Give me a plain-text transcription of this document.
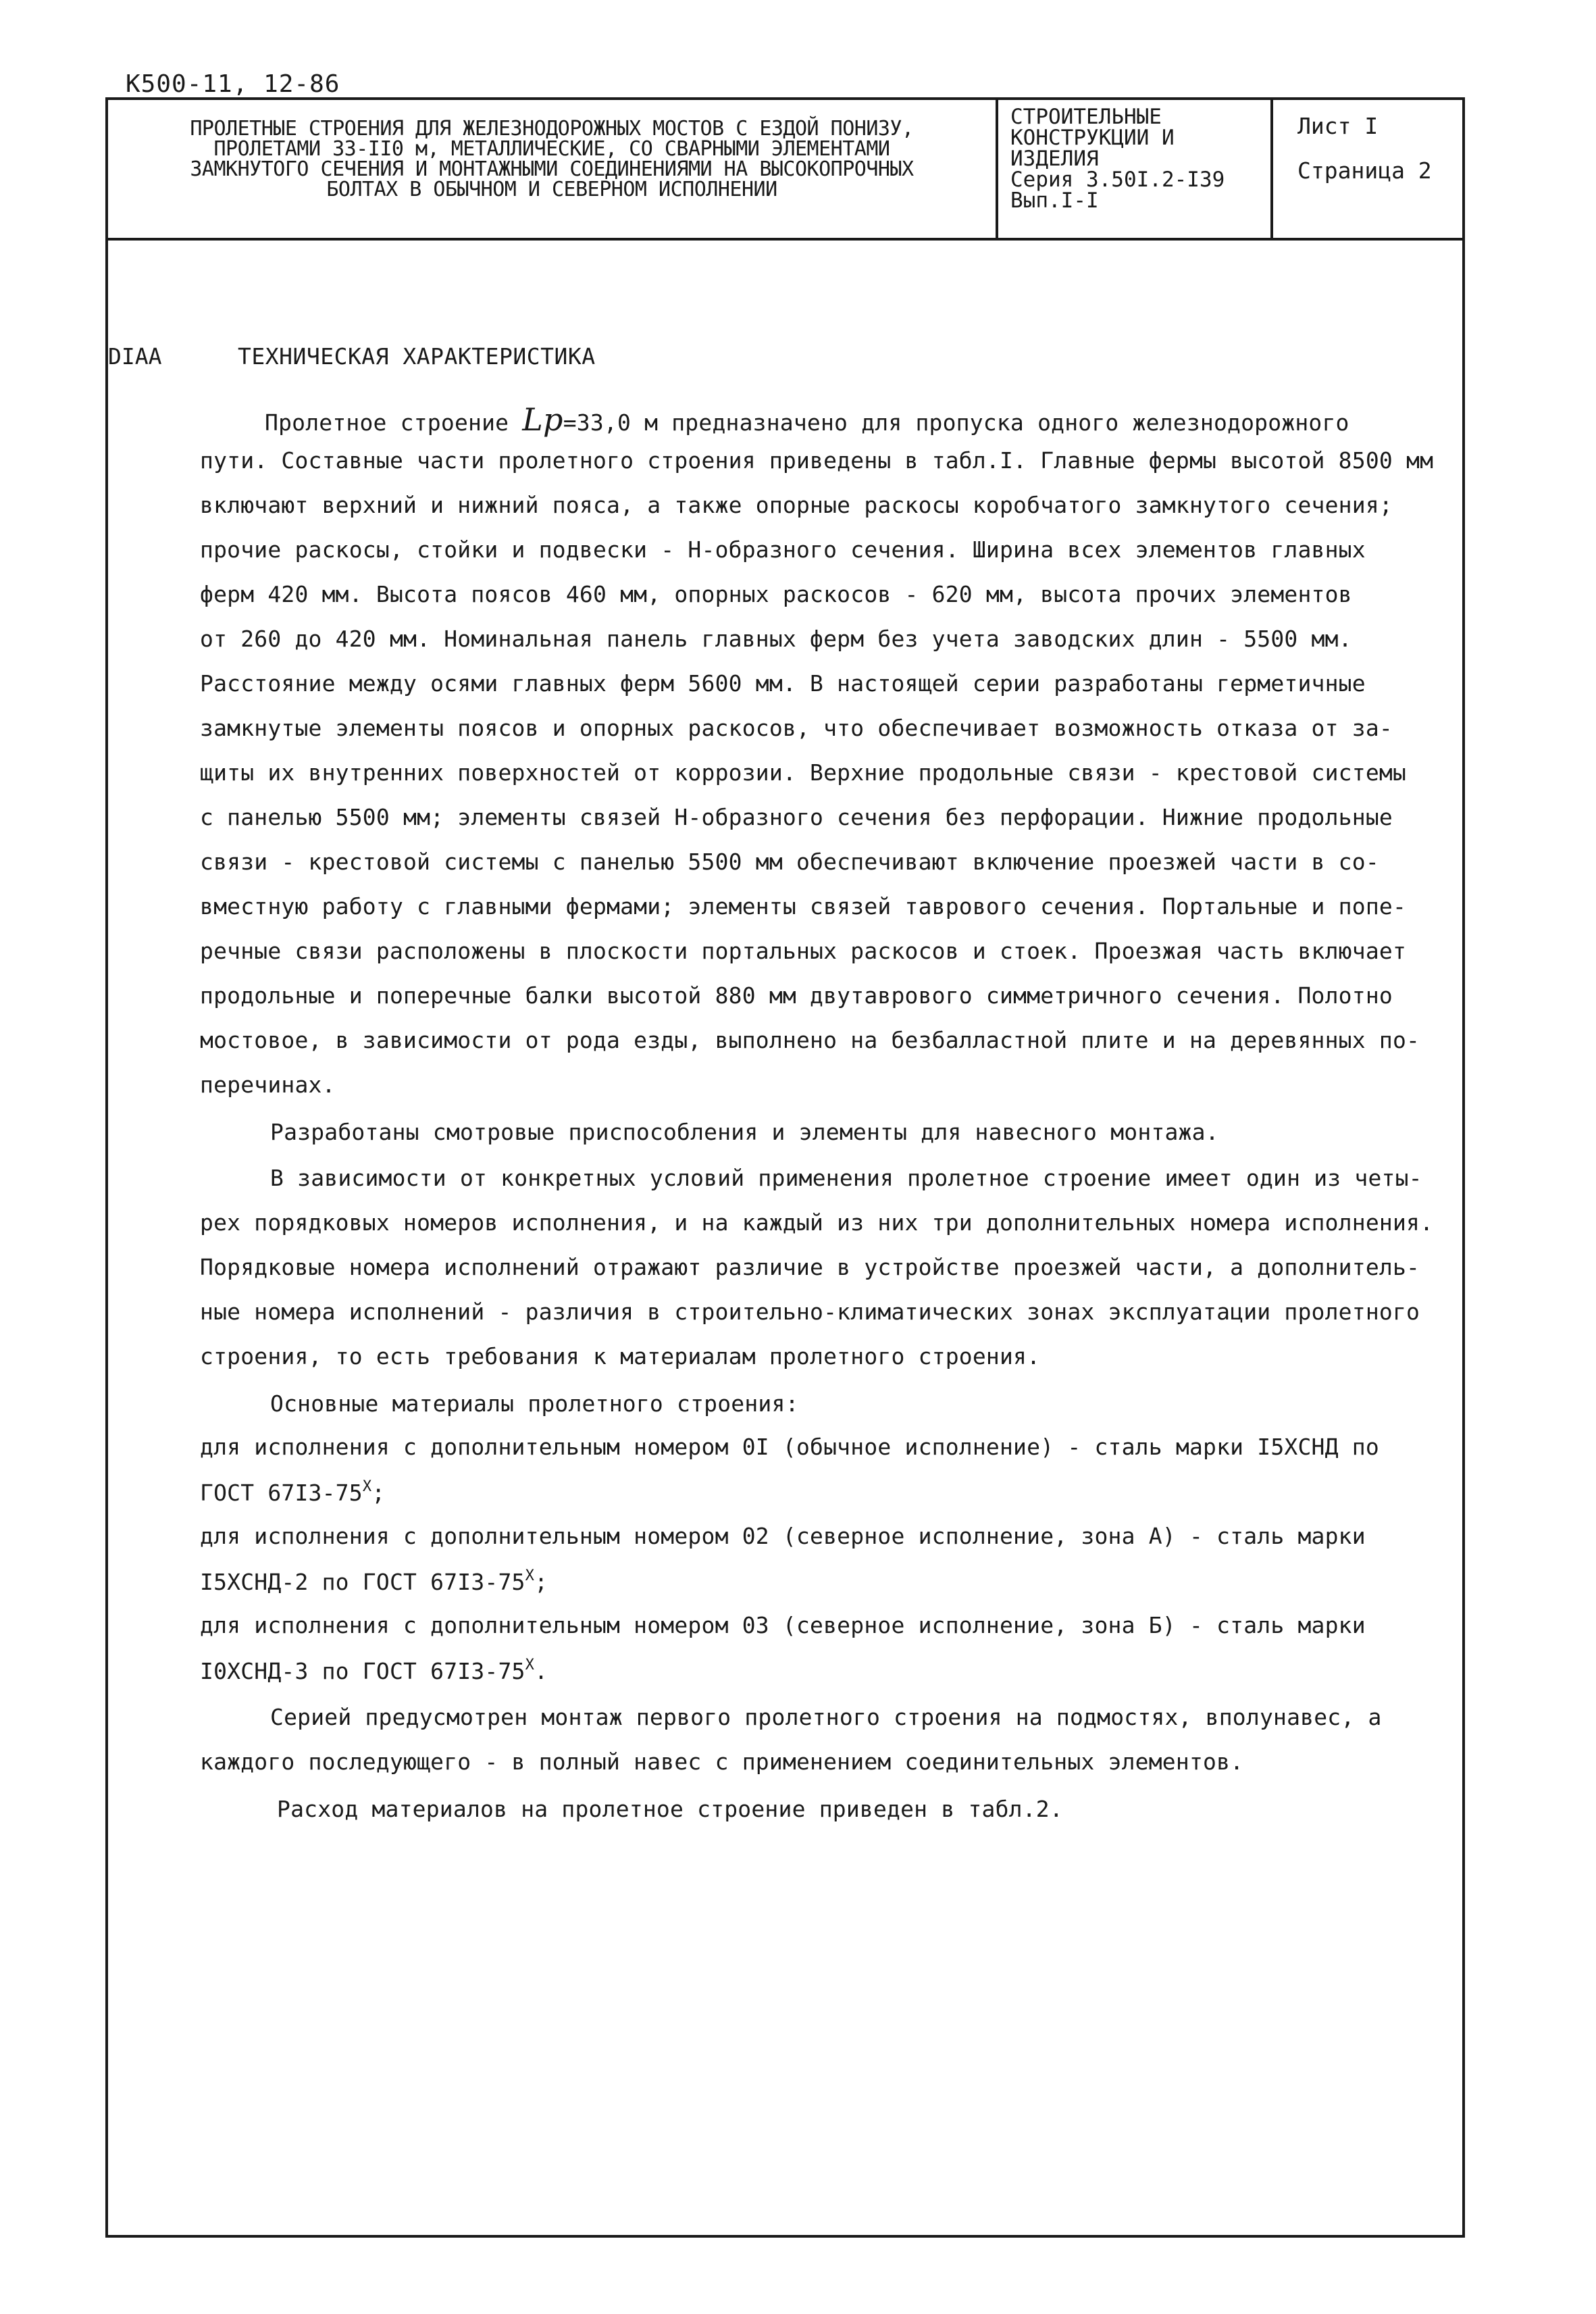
К500-11, 12-86
ПРОЛЕТНЫЕ СТРОЕНИЯ ДЛЯ ЖЕЛЕЗНОДОРОЖНЫХ МОСТОВ С ЕЗДОЙ ПОНИЗУ,
ПРОЛЕТАМИ 33-II0 м, МЕТАЛЛИЧЕСКИЕ, СО СВАРНЫМИ ЭЛЕМЕНТАМИ
ЗАМКНУТОГО СЕЧЕНИЯ И МОНТАЖНЫМИ СОЕДИНЕНИЯМИ НА ВЫСОКОПРОЧНЫХ
БОЛТАХ В ОБЫЧНОМ И СЕВЕРНОМ ИСПОЛНЕНИИ
СТРОИТЕЛЬНЫЕ
КОНСТРУКЦИИ И
ИЗДЕЛИЯ
Серия 3.50I.2-I39
Вып.I-I
Лист I
Страница 2
DIAA	ТЕХНИЧЕСКАЯ ХАРАКТЕРИСТИКА
Пролетное строение Lр=33,0 м предназначено для пропуска одного железнодорожного
пути. Составные части пролетного строения приведены в табл.I. Главные фермы высотой 8500 мм
включают верхний и нижний пояса, а также опорные раскосы коробчатого замкнутого сечения;
прочие раскосы, стойки и подвески - Н-образного сечения. Ширина всех элементов главных
ферм 420 мм. Высота поясов 460 мм, опорных раскосов - 620 мм, высота прочих элементов
от 260 до 420 мм. Номинальная панель главных ферм без учета заводских длин - 5500 мм.
Расстояние между осями главных ферм 5600 мм. В настоящей серии разработаны герметичные
замкнутые элементы поясов и опорных раскосов, что обеспечивает возможность отказа от за-
щиты их внутренних поверхностей от коррозии. Верхние продольные связи - крестовой системы
с панелью 5500 мм; элементы связей Н-образного сечения без перфорации. Нижние продольные
связи - крестовой системы с панелью 5500 мм обеспечивают включение проезжей части в со-
вместную работу с главными фермами; элементы связей таврового сечения. Портальные и попе-
речные связи расположены в плоскости портальных раскосов и стоек. Проезжая часть включает
продольные и поперечные балки высотой 880 мм двутаврового симметричного сечения. Полотно
мостовое, в зависимости от рода езды, выполнено на безбалластной плите и на деревянных по-
перечинах.
Разработаны смотровые приспособления и элементы для навесного монтажа.
В зависимости от конкретных условий применения пролетное строение имеет один из четы-
рех порядковых номеров исполнения, и на каждый из них три дополнительных номера исполнения.
Порядковые номера исполнений отражают различие в устройстве проезжей части, а дополнитель-
ные номера исполнений - различия в строительно-климатических зонах эксплуатации пролетного
строения, то есть требования к материалам пролетного строения.
Основные материалы пролетного строения:
для исполнения с дополнительным номером 0I (обычное исполнение) - сталь марки I5ХСНД по
ГОСТ $67I3-75^Х$;
для исполнения с дополнительным номером 02 (северное исполнение, зона А) - сталь марки
I5ХСНД-2 по ГОСТ $67I3-75^Х$;
для исполнения с дополнительным номером 03 (северное исполнение, зона Б) - сталь марки
I0ХСНД-3 по ГОСТ $67I3-75^Х$.
Серией предусмотрен монтаж первого пролетного строения на подмостях, вполунавес, а
каждого последующего - в полный навес с применением соединительных элементов.
Расход материалов на пролетное строение приведен в табл.2.
